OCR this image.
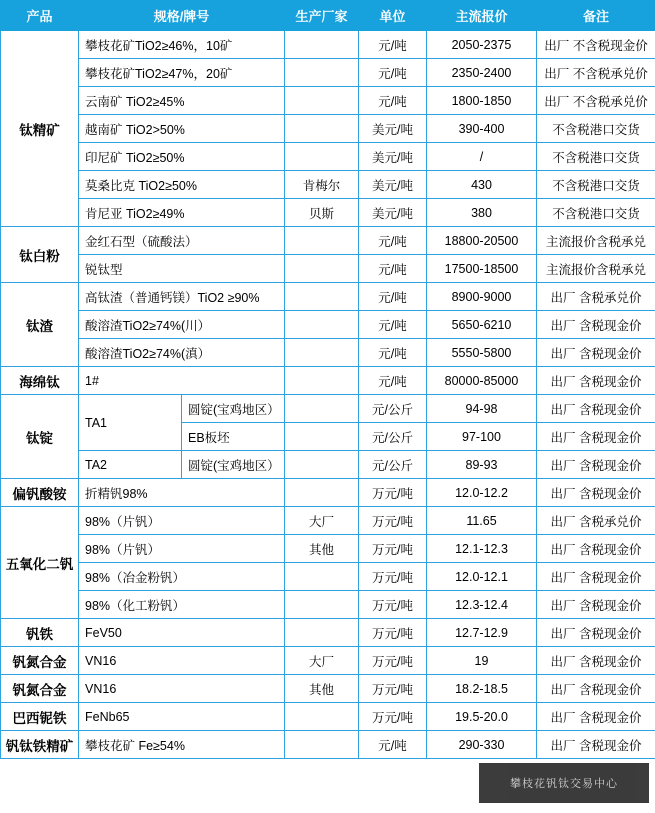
产品	规格/牌号		生产厂家	单位	主流报价	备注
钛精矿	攀枝花矿TiO2≥46%，10矿			元/吨	2050-2375	出厂 不含税现金价
	攀枝花矿TiO2≥47%，20矿			元/吨	2350-2400	出厂 不含税承兑价
	云南矿 TiO2≥45%			元/吨	1800-1850	出厂 不含税承兑价
	越南矿 TiO2>50%			美元/吨	390-400	不含税港口交货
	印尼矿 TiO2≥50%			美元/吨	/	不含税港口交货
	莫桑比克 TiO2≥50%		肯梅尔	美元/吨	430	不含税港口交货
	肯尼亚 TiO2≥49%		贝斯	美元/吨	380	不含税港口交货
钛白粉	金红石型（硫酸法）			元/吨	18800-20500	主流报价含税承兑
	锐钛型			元/吨	17500-18500	主流报价含税承兑
钛渣	高钛渣（普通钙镁）TiO2 ≥90%			元/吨	8900-9000	出厂 含税承兑价
	酸溶渣TiO2≥74%(川）			元/吨	5650-6210	出厂 含税现金价
	酸溶渣TiO2≥74%(滇）			元/吨	5550-5800	出厂 含税现金价
海绵钛	1#			元/吨	80000-85000	出厂 含税现金价
钛锭	TA1	圆锭(宝鸡地区）		元/公斤	94-98	出厂 含税现金价
		EB板坯		元/公斤	97-100	出厂 含税现金价
	TA2	圆锭(宝鸡地区）		元/公斤	89-93	出厂 含税现金价
偏钒酸铵	折精钒98%			万元/吨	12.0-12.2	出厂 含税现金价
五氧化二钒	98%（片钒）		大厂	万元/吨	11.65	出厂 含税承兑价
	98%（片钒）		其他	万元/吨	12.1-12.3	出厂 含税现金价
	98%（冶金粉钒）			万元/吨	12.0-12.1	出厂 含税现金价
	98%（化工粉钒）			万元/吨	12.3-12.4	出厂 含税现金价
钒铁	FeV50			万元/吨	12.7-12.9	出厂 含税现金价
钒氮合金	VN16		大厂	万元/吨	19	出厂 含税现金价
钒氮合金	VN16		其他	万元/吨	18.2-18.5	出厂 含税现金价
巴西铌铁	FeNb65			万元/吨	19.5-20.0	出厂 含税现金价
钒钛铁精矿	攀枝花矿 Fe≥54%			元/吨	290-330	出厂 含税现金价
攀枝花钒钛交易中心
